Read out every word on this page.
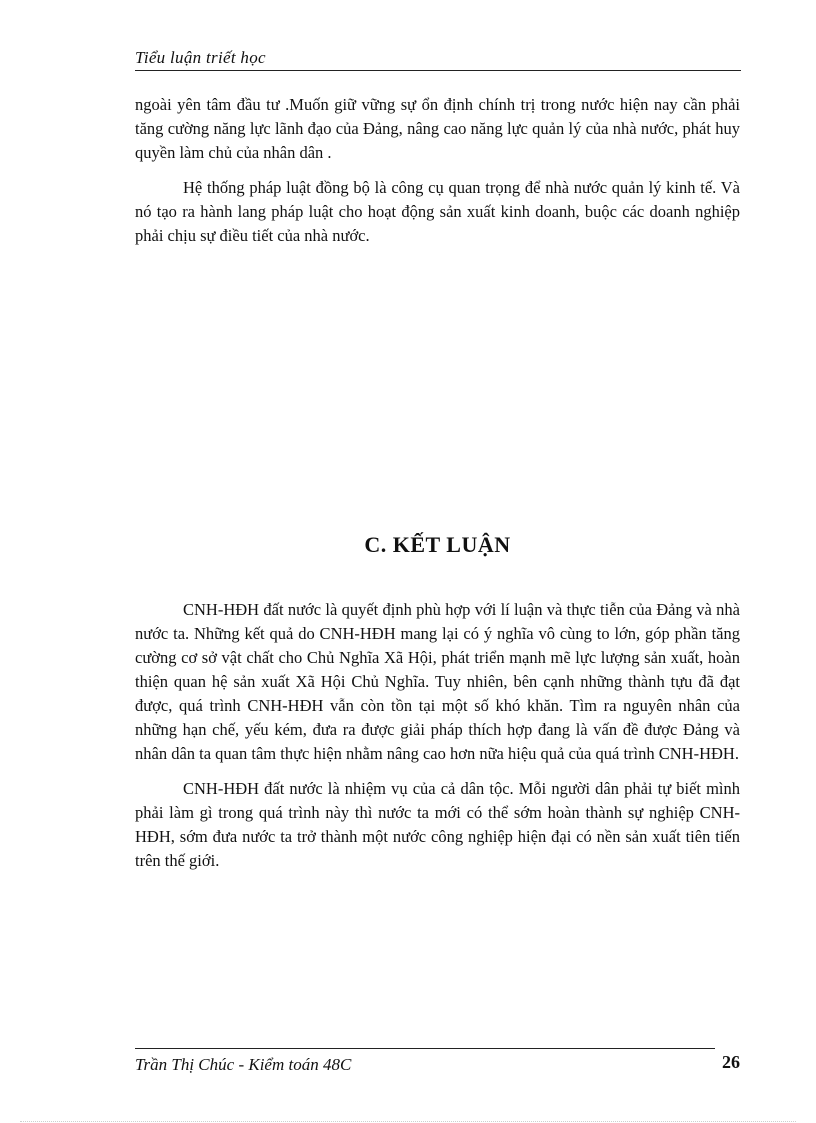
Tiểu luận triết học

ngoài yên tâm đầu tư .Muốn giữ vững sự ổn định chính trị trong nước hiện nay cần phải tăng cường năng lực lãnh đạo của Đảng, nâng cao năng lực quản lý của nhà nước, phát huy quyền làm chủ của nhân dân .

Hệ thống pháp luật đồng bộ là công cụ quan trọng để nhà nước quản lý kinh tế. Và nó tạo ra hành lang pháp luật cho hoạt động sản xuất kinh doanh, buộc các doanh nghiệp phải chịu sự điều tiết của nhà nước.

C. KẾT LUẬN

CNH-HĐH đất nước là quyết định phù hợp với lí luận và thực tiễn của Đảng và nhà nước ta. Những kết quả do CNH-HĐH mang lại có ý nghĩa vô cùng to lớn, góp phần tăng cường cơ sở vật chất cho Chủ Nghĩa Xã Hội, phát triển mạnh mẽ lực lượng sản xuất, hoàn thiện quan hệ sản xuất Xã Hội Chủ Nghĩa. Tuy nhiên, bên cạnh những thành tựu đã đạt được, quá trình CNH-HĐH vẫn còn tồn tại một số khó khăn. Tìm ra nguyên nhân của những hạn chế, yếu kém, đưa ra được giải pháp thích hợp đang là vấn đề được Đảng và nhân dân ta quan tâm thực hiện nhằm nâng cao hơn nữa hiệu quả của quá trình CNH-HĐH.

CNH-HĐH đất nước là nhiệm vụ của cả dân tộc. Mỗi người dân phải tự biết mình phải làm gì trong quá trình này thì nước ta mới có thể sớm hoàn thành sự nghiệp CNH-HĐH, sớm đưa nước ta trở thành một nước công nghiệp hiện đại có nền sản xuất tiên tiến trên thế giới.

Trần Thị Chúc - Kiểm toán 48C	26
